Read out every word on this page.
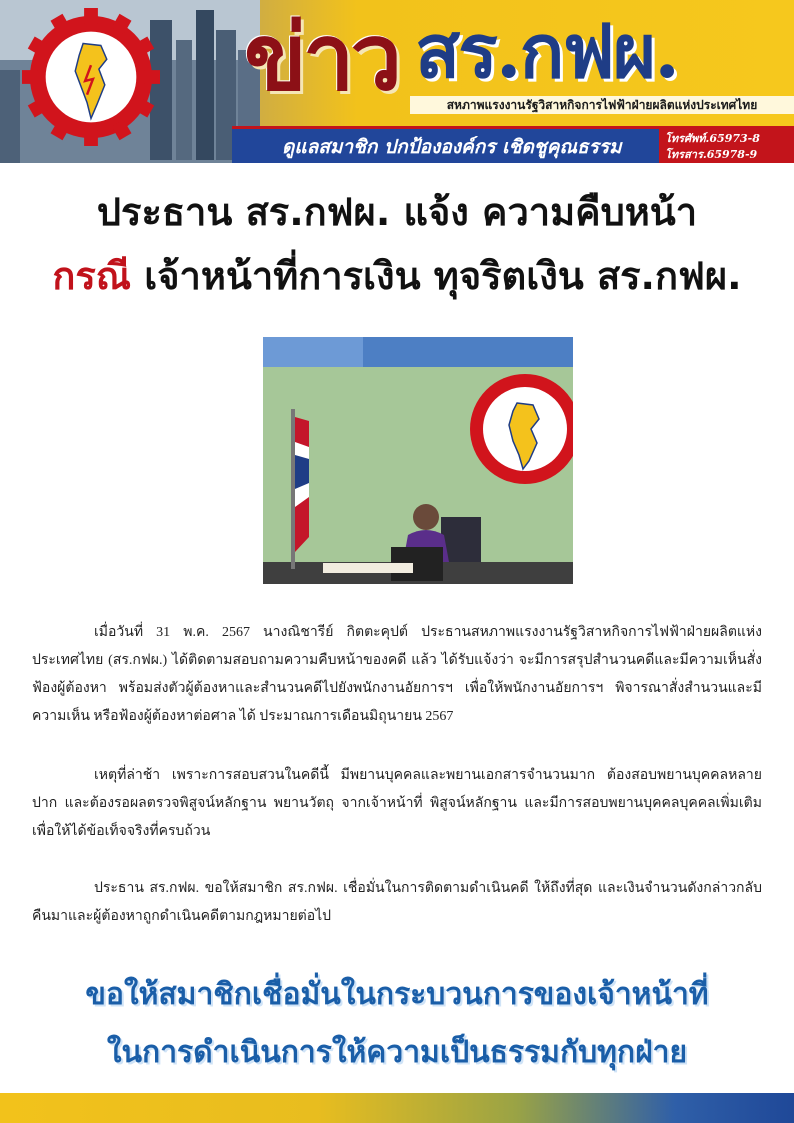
ข่าว สร.กฟผ.
สหภาพแรงงานรัฐวิสาหกิจการไฟฟ้าฝ่ายผลิตแห่งประเทศไทย
ดูแลสมาชิก ปกป้ององค์กร เชิดชูคุณธรรม	โทรศัพท์.65973-8
โทรสาร.65978-9
ประธาน สร.กฟผ. แจ้ง ความคืบหน้า
กรณี เจ้าหน้าที่การเงิน ทุจริตเงิน สร.กฟผ.

เมื่อวันที่ 31 พ.ค. 2567 นางณิชารีย์ กิตตะคุปต์ ประธานสหภาพแรงงานรัฐวิสาหกิจการไฟฟ้าฝ่ายผลิตแห่งประเทศไทย (สร.กฟผ.) ได้ติดตามสอบถามความคืบหน้าของคดี แล้ว ได้รับแจ้งว่า จะมีการสรุปสำนวนคดีและมีความเห็นสั่งฟ้องผู้ต้องหา พร้อมส่งตัวผู้ต้องหาและสำนวนคดีไปยังพนักงานอัยการฯ เพื่อให้พนักงานอัยการฯ พิจารณาสั่งสำนวนและมีความเห็น หรือฟ้องผู้ต้องหาต่อศาล ได้ ประมาณการเดือนมิถุนายน 2567

เหตุที่ล่าช้า เพราะการสอบสวนในคดีนี้ มีพยานบุคคลและพยานเอกสารจำนวนมาก ต้องสอบพยานบุคคลหลายปาก และต้องรอผลตรวจพิสูจน์หลักฐาน พยานวัตถุ จากเจ้าหน้าที่ พิสูจน์หลักฐาน และมีการสอบพยานบุคคลบุคคลเพิ่มเติม เพื่อให้ได้ข้อเท็จจริงที่ครบถ้วน

ประธาน สร.กฟผ. ขอให้สมาชิก สร.กฟผ. เชื่อมั่นในการติดตามดำเนินคดี ให้ถึงที่สุด และเงินจำนวนดังกล่าวกลับคืนมาและผู้ต้องหาถูกดำเนินคดีตามกฎหมายต่อไป

ขอให้สมาชิกเชื่อมั่นในกระบวนการของเจ้าหน้าที่
ในการดำเนินการให้ความเป็นธรรมกับทุกฝ่าย
